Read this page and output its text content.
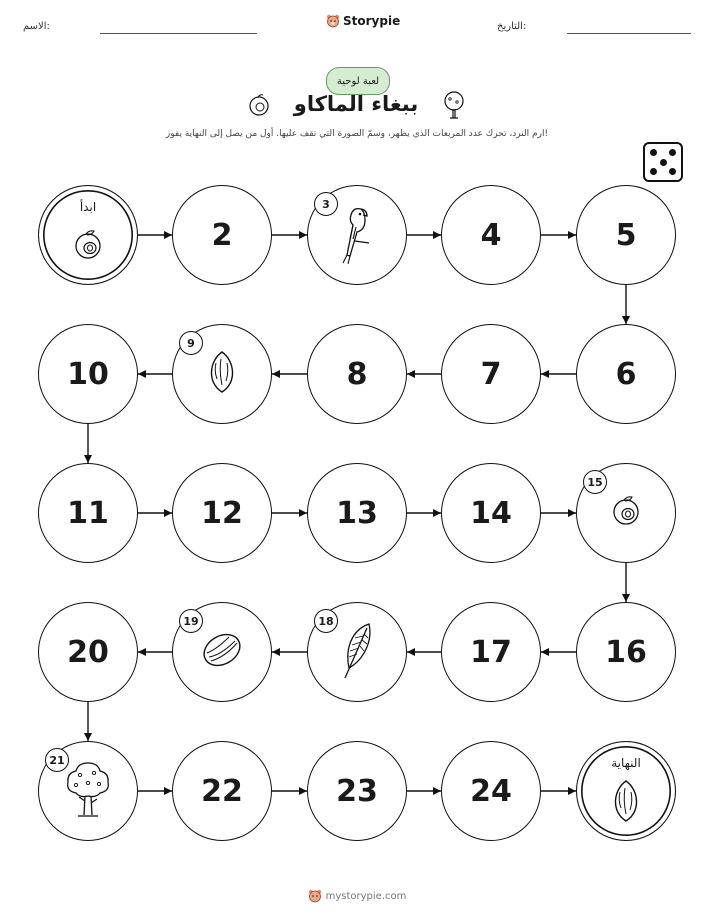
الاسم:	Storypie	التاريخ:
لعبة لوحية
ببغاء الماكاو
ارم النرد، تحرك عدد المربعات الذي يظهر، وسمّ الصورة التي تقف عليها. أول من يصل إلى النهاية يفوز!
ابدأ
2
3
4	5
6
7
8
9
10
11	12	13	14
15
16
17
18
19
20
21
22	23	24
النهاية
mystorypie.com
